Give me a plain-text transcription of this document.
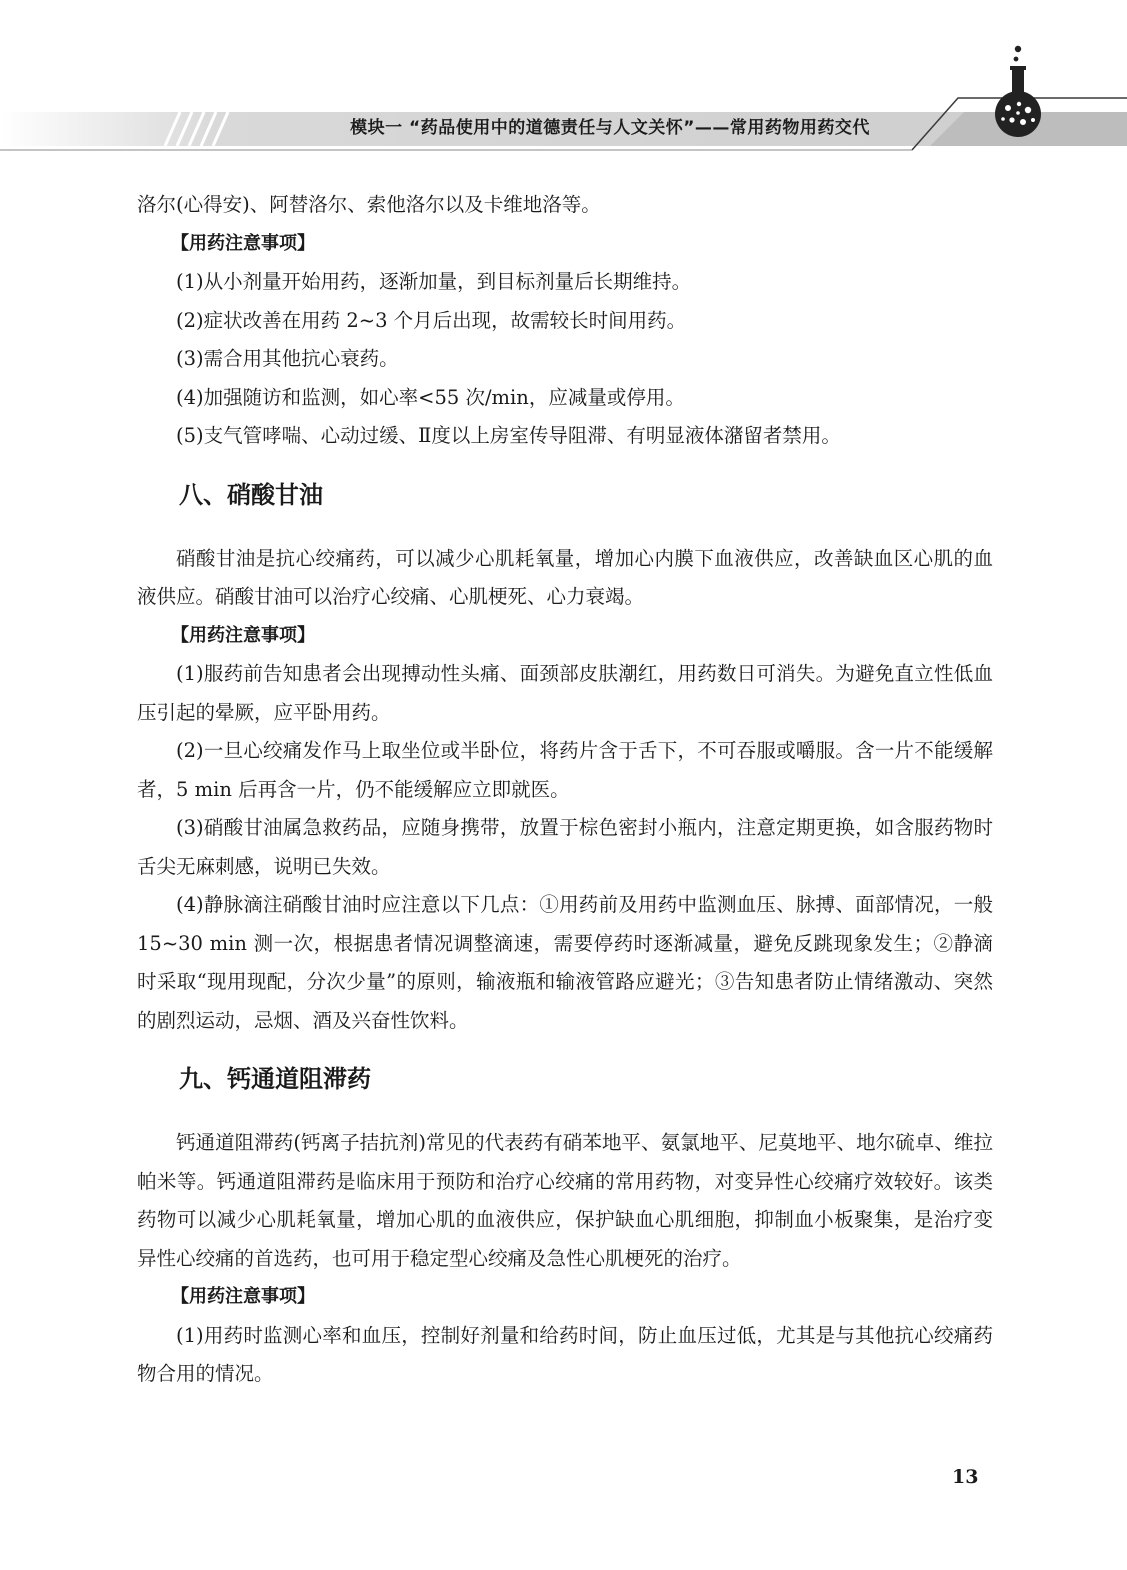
模块一 “药品使用中的道德责任与人文关怀”——常用药物用药交代

洛尔(心得安)、阿替洛尔、索他洛尔以及卡维地洛等。

【用药注意事项】

(1)从小剂量开始用药，逐渐加量，到目标剂量后长期维持。

(2)症状改善在用药 2~3 个月后出现，故需较长时间用药。

(3)需合用其他抗心衰药。

(4)加强随访和监测，如心率<55 次/min，应减量或停用。

(5)支气管哮喘、心动过缓、Ⅱ度以上房室传导阻滞、有明显液体潴留者禁用。

八、硝酸甘油

硝酸甘油是抗心绞痛药，可以减少心肌耗氧量，增加心内膜下血液供应，改善缺血区心肌的血液供应。硝酸甘油可以治疗心绞痛、心肌梗死、心力衰竭。

【用药注意事项】

(1)服药前告知患者会出现搏动性头痛、面颈部皮肤潮红，用药数日可消失。为避免直立性低血压引起的晕厥，应平卧用药。

(2)一旦心绞痛发作马上取坐位或半卧位，将药片含于舌下，不可吞服或嚼服。含一片不能缓解者，5 min 后再含一片，仍不能缓解应立即就医。

(3)硝酸甘油属急救药品，应随身携带，放置于棕色密封小瓶内，注意定期更换，如含服药物时舌尖无麻刺感，说明已失效。

(4)静脉滴注硝酸甘油时应注意以下几点：①用药前及用药中监测血压、脉搏、面部情况，一般 15~30 min 测一次，根据患者情况调整滴速，需要停药时逐渐减量，避免反跳现象发生；②静滴时采取“现用现配，分次少量”的原则，输液瓶和输液管路应避光；③告知患者防止情绪激动、突然的剧烈运动，忌烟、酒及兴奋性饮料。

九、钙通道阻滞药

钙通道阻滞药(钙离子拮抗剂)常见的代表药有硝苯地平、氨氯地平、尼莫地平、地尔硫卓、维拉帕米等。钙通道阻滞药是临床用于预防和治疗心绞痛的常用药物，对变异性心绞痛疗效较好。该类药物可以减少心肌耗氧量，增加心肌的血液供应，保护缺血心肌细胞，抑制血小板聚集，是治疗变异性心绞痛的首选药，也可用于稳定型心绞痛及急性心肌梗死的治疗。

【用药注意事项】

(1)用药时监测心率和血压，控制好剂量和给药时间，防止血压过低，尤其是与其他抗心绞痛药物合用的情况。

13
